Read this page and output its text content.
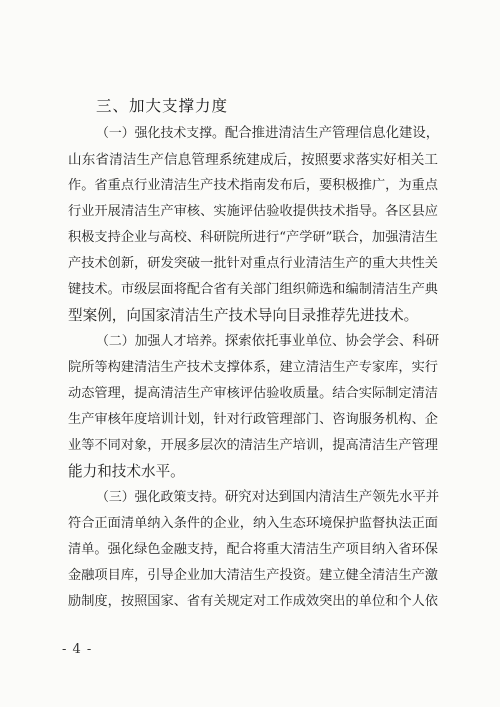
三、加大支撑力度
（一）强化技术支撑。配合推进清洁生产管理信息化建设，
山东省清洁生产信息管理系统建成后，按照要求落实好相关工
作。省重点行业清洁生产技术指南发布后，要积极推广，为重点
行业开展清洁生产审核、实施评估验收提供技术指导。各区县应
积极支持企业与高校、科研院所进行“产学研”联合，加强清洁生
产技术创新，研发突破一批针对重点行业清洁生产的重大共性关
键技术。市级层面将配合省有关部门组织筛选和编制清洁生产典
型案例，向国家清洁生产技术导向目录推荐先进技术。
（二）加强人才培养。探索依托事业单位、协会学会、科研
院所等构建清洁生产技术支撑体系，建立清洁生产专家库，实行
动态管理，提高清洁生产审核评估验收质量。结合实际制定清洁
生产审核年度培训计划，针对行政管理部门、咨询服务机构、企
业等不同对象，开展多层次的清洁生产培训，提高清洁生产管理
能力和技术水平。
（三）强化政策支持。研究对达到国内清洁生产领先水平并
符合正面清单纳入条件的企业，纳入生态环境保护监督执法正面
清单。强化绿色金融支持，配合将重大清洁生产项目纳入省环保
金融项目库，引导企业加大清洁生产投资。建立健全清洁生产激
励制度，按照国家、省有关规定对工作成效突出的单位和个人依
- 4 -
